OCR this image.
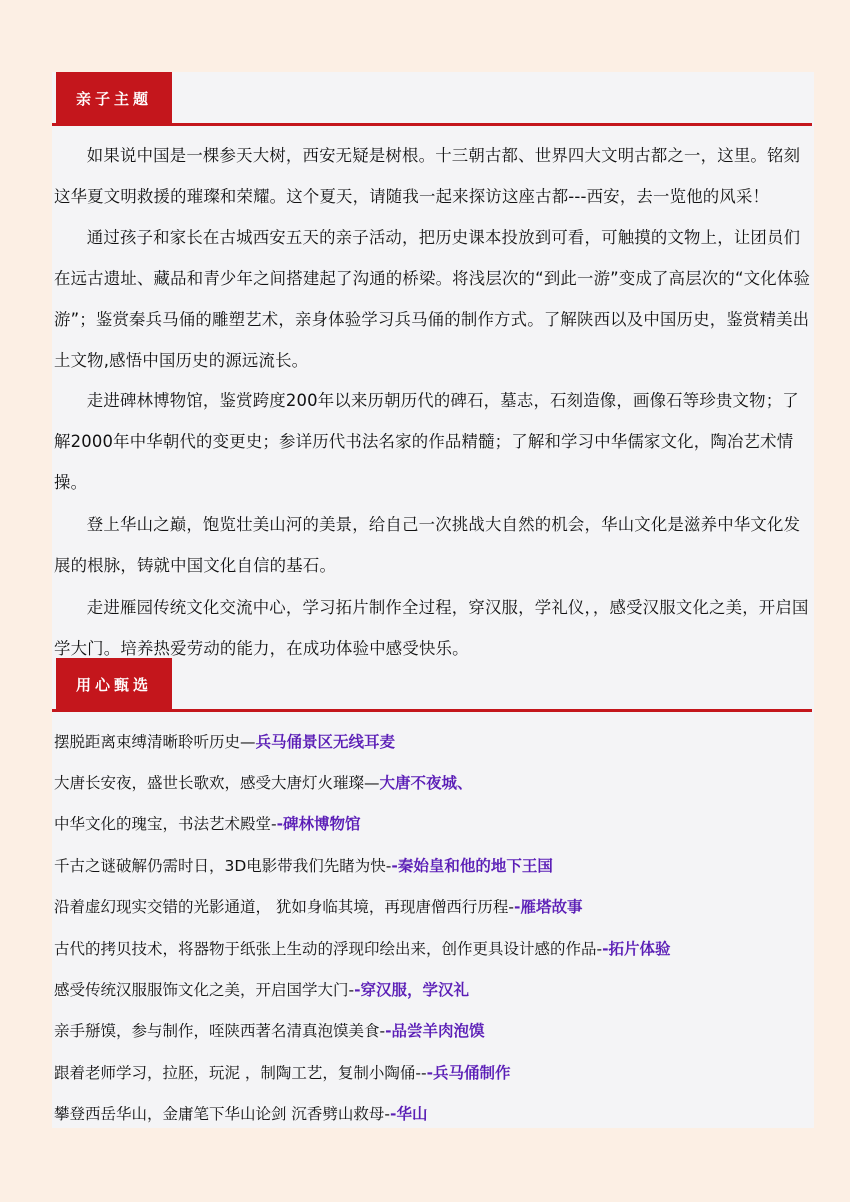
亲子主题

如果说中国是一棵参天大树，西安无疑是树根。十三朝古都、世界四大文明古都之一，这里。铭刻这华夏文明救援的璀璨和荣耀。这个夏天，请随我一起来探访这座古都---西安，去一览他的风采！

通过孩子和家长在古城西安五天的亲子活动，把历史课本投放到可看，可触摸的文物上，让团员们在远古遗址、藏品和青少年之间搭建起了沟通的桥梁。将浅层次的“到此一游”变成了高层次的“文化体验游”；鉴赏秦兵马俑的雕塑艺术，亲身体验学习兵马俑的制作方式。了解陕西以及中国历史，鉴赏精美出土文物,感悟中国历史的源远流长。

走进碑林博物馆，鉴赏跨度200年以来历朝历代的碑石，墓志，石刻造像，画像石等珍贵文物；了解2000年中华朝代的变更史；参详历代书法名家的作品精髓；了解和学习中华儒家文化，陶冶艺术情操。

登上华山之巅，饱览壮美山河的美景，给自己一次挑战大自然的机会，华山文化是滋养中华文化发展的根脉，铸就中国文化自信的基石。

走进雁园传统文化交流中心，学习拓片制作全过程，穿汉服，学礼仪，，感受汉服文化之美，开启国学大门。培养热爱劳动的能力，在成功体验中感受快乐。

用心甄选
摆脱距离束缚清晰聆听历史—兵马俑景区无线耳麦
大唐长安夜，盛世长歌欢，感受大唐灯火璀璨—大唐不夜城、
中华文化的瑰宝，书法艺术殿堂--碑林博物馆
千古之谜破解仍需时日，3D电影带我们先睹为快--秦始皇和他的地下王国
沿着虚幻现实交错的光影通道， 犹如身临其境，再现唐僧西行历程--雁塔故事
古代的拷贝技术，将器物于纸张上生动的浮现印绘出来，创作更具设计感的作品--拓片体验
感受传统汉服服饰文化之美，开启国学大门--穿汉服，学汉礼
亲手掰馍，参与制作，咥陕西著名清真泡馍美食--品尝羊肉泡馍
跟着老师学习，拉胚，玩泥 ，制陶工艺，复制小陶俑---兵马俑制作
攀登西岳华山，金庸笔下华山论剑 沉香劈山救母--华山
